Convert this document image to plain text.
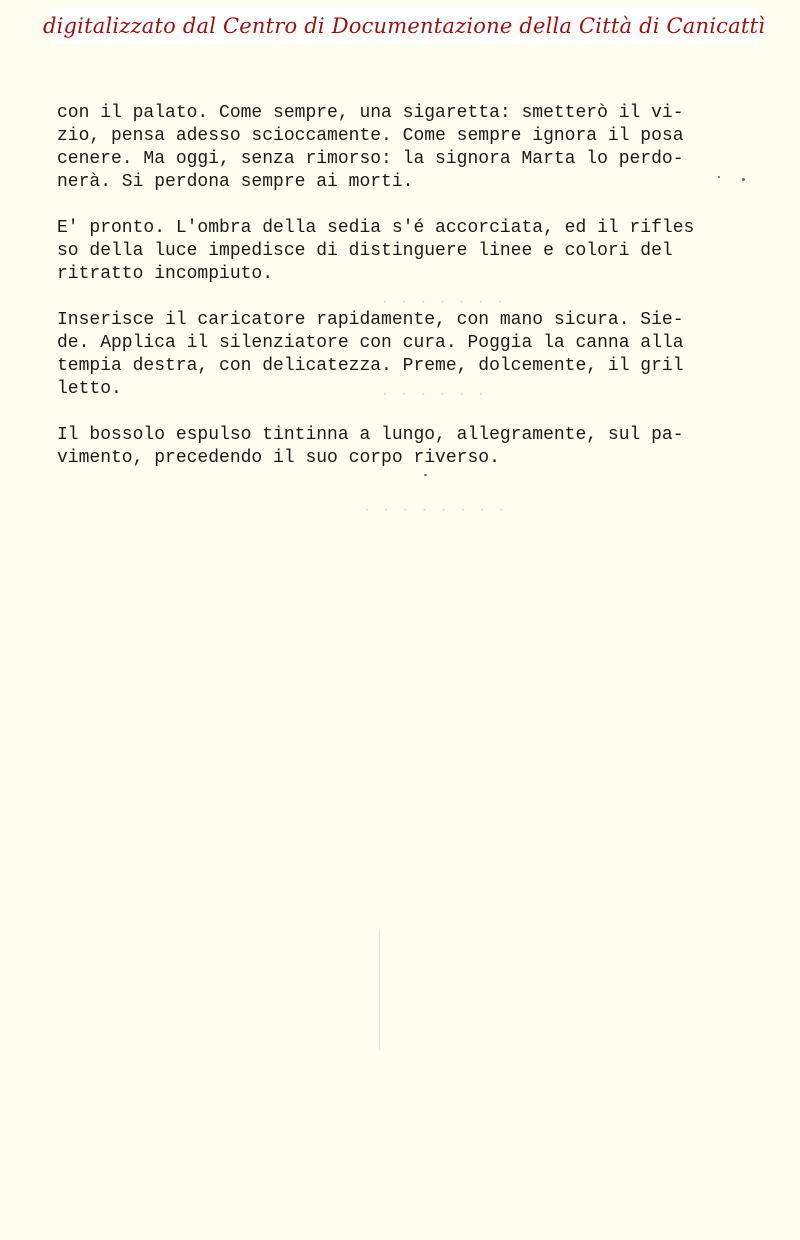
digitalizzato dal Centro di Documentazione della Città di Canicattì
. . . . . . .
. . . . . .
. . . . . . . .
con il palato. Come sempre, una sigaretta: smetterò il vi-
zio, pensa adesso scioccamente. Come sempre ignora il posa
cenere. Ma oggi, senza rimorso: la signora Marta lo perdo-
nerà. Si perdona sempre ai morti.
E' pronto. L'ombra della sedia s'é accorciata, ed il rifles
so della luce impedisce di distinguere linee e colori del
ritratto incompiuto.
Inserisce il caricatore rapidamente, con mano sicura. Sie-
de. Applica il silenziatore con cura. Poggia la canna alla
tempia destra, con delicatezza. Preme, dolcemente, il gril
letto.
Il bossolo espulso tintinna a lungo, allegramente, sul pa-
vimento, precedendo il suo corpo riverso.
